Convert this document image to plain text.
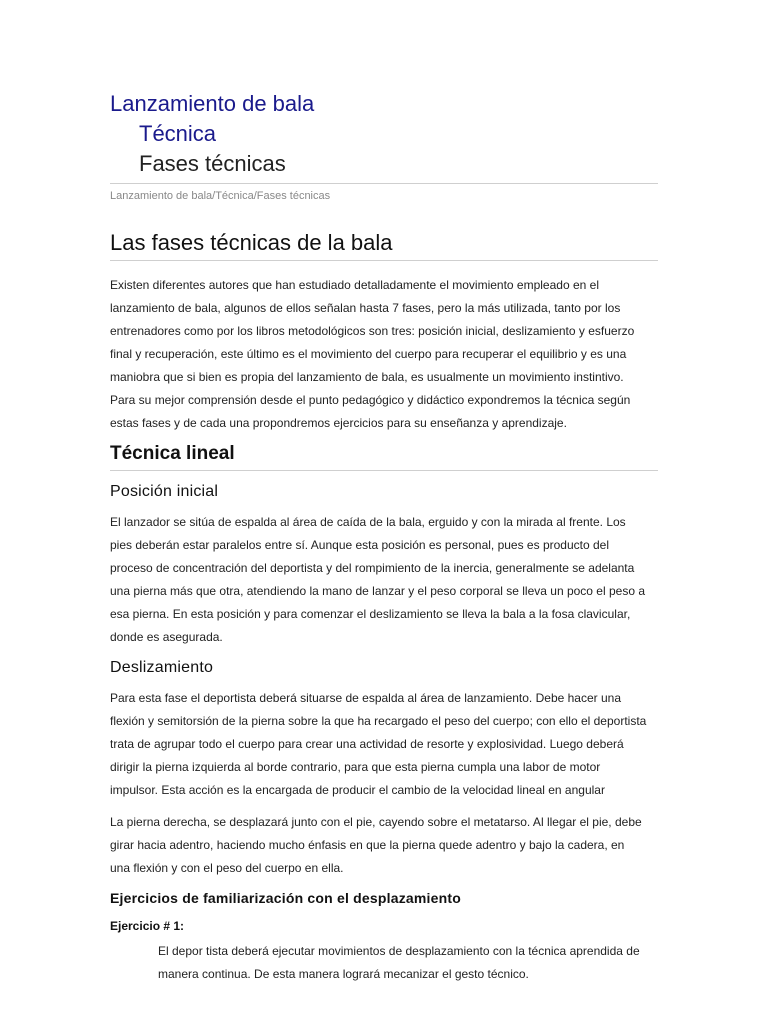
Lanzamiento de bala
Técnica
Fases técnicas
Lanzamiento de bala/Técnica/Fases técnicas
Las fases técnicas de la bala

Existen diferentes autores que han estudiado detalladamente el movimiento empleado en el

lanzamiento de bala, algunos de ellos señalan hasta 7 fases, pero la más utilizada, tanto por los

entrenadores como por los libros metodológicos son tres: posición inicial, deslizamiento y esfuerzo

final y recuperación, este último es el movimiento del cuerpo para recuperar el equilibrio y es una

maniobra que si bien es propia del lanzamiento de bala, es usualmente un movimiento instintivo.

Para su mejor comprensión desde el punto pedagógico y didáctico expondremos la técnica según

estas fases y de cada una propondremos ejercicios para su enseñanza y aprendizaje.

Técnica lineal
Posición inicial

El lanzador se sitúa de espalda al área de caída de la bala, erguido y con la mirada al frente. Los

pies deberán estar paralelos entre sí. Aunque esta posición es personal, pues es producto del

proceso de concentración del deportista y del rompimiento de la inercia, generalmente se adelanta

una pierna más que otra, atendiendo la mano de lanzar y el peso corporal se lleva un poco el peso a

esa pierna. En esta posición y para comenzar el deslizamiento se lleva la bala a la fosa clavicular,

donde es asegurada.

Deslizamiento

Para esta fase el deportista deberá situarse de espalda al área de lanzamiento. Debe hacer una

flexión y semitorsión de la pierna sobre la que ha recargado el peso del cuerpo; con ello el deportista

trata de agrupar todo el cuerpo para crear una actividad de resorte y explosividad. Luego deberá

dirigir la pierna izquierda al borde contrario, para que esta pierna cumpla una labor de motor

impulsor. Esta acción es la encargada de producir el cambio de la velocidad lineal en angular

La pierna derecha, se desplazará junto con el pie, cayendo sobre el metatarso. Al llegar el pie, debe

girar hacia adentro, haciendo mucho énfasis en que la pierna quede adentro y bajo la cadera, en

una flexión y con el peso del cuerpo en ella.

Ejercicios de familiarización con el desplazamiento
Ejercicio # 1:

El depor tista deberá ejecutar movimientos de desplazamiento con la técnica aprendida de

manera continua. De esta manera logrará mecanizar el gesto técnico.
